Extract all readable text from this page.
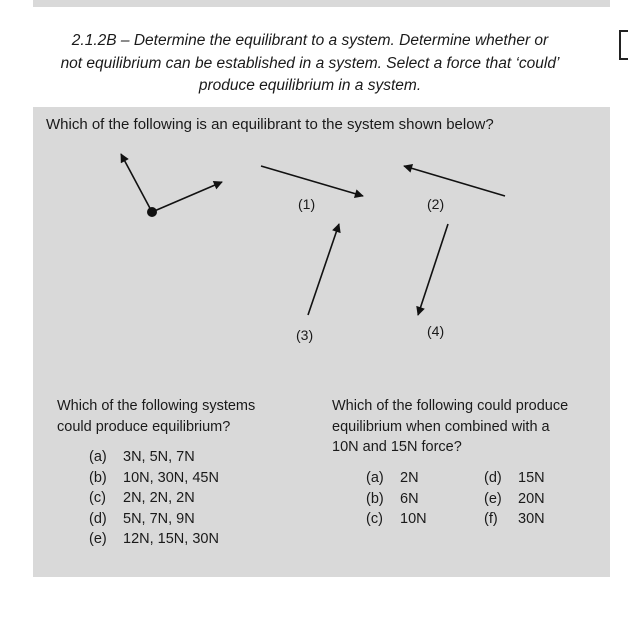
2.1.2B – Determine the equilibrant to a system. Determine whether or
not equilibrium can be established in a system. Select a force that ‘could’
produce equilibrium in a system.
Which of the following is an equilibrant to the system shown below?
(1)	(2)
(3)	(4)
Which of the following systems
could produce equilibrium?
(a) 3N, 5N, 7N
(b) 10N, 30N, 45N
(c) 2N, 2N, 2N
(d) 5N, 7N, 9N
(e) 12N, 15N, 30N
Which of the following could produce
equilibrium when combined with a
10N and 15N force?
(a) 2N
(b) 6N
(c) 10N
(d) 15N
(e) 20N
(f) 30N
